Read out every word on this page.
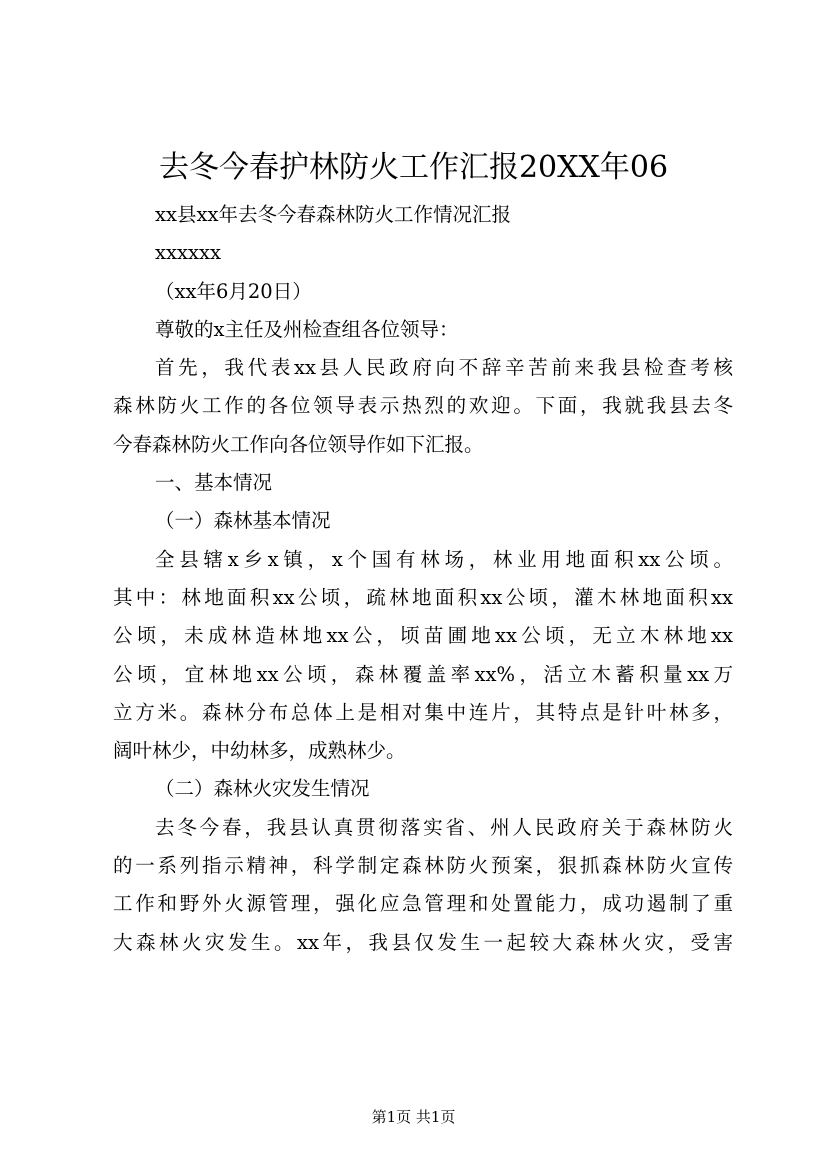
去冬今春护林防火工作汇报20XX年06
xx县xx年去冬今春森林防火工作情况汇报
xxxxxx
（xx年6月20日）
尊敬的x主任及州检查组各位领导：
首先，我代表xx县人民政府向不辞辛苦前来我县检查考核
森林防火工作的各位领导表示热烈的欢迎。下面，我就我县去冬
今春森林防火工作向各位领导作如下汇报。
一、基本情况
（一）森林基本情况
全县辖x乡x镇，x个国有林场，林业用地面积xx公顷。
其中：林地面积xx公顷，疏林地面积xx公顷，灌木林地面积xx
公顷，未成林造林地xx公，顷苗圃地xx公顷，无立木林地xx
公顷，宜林地xx公顷，森林覆盖率xx%，活立木蓄积量xx万
立方米。森林分布总体上是相对集中连片，其特点是针叶林多，
阔叶林少，中幼林多，成熟林少。
（二）森林火灾发生情况
去冬今春，我县认真贯彻落实省、州人民政府关于森林防火
的一系列指示精神，科学制定森林防火预案，狠抓森林防火宣传
工作和野外火源管理，强化应急管理和处置能力，成功遏制了重
大森林火灾发生。xx年，我县仅发生一起较大森林火灾，受害
第1页 共1页
